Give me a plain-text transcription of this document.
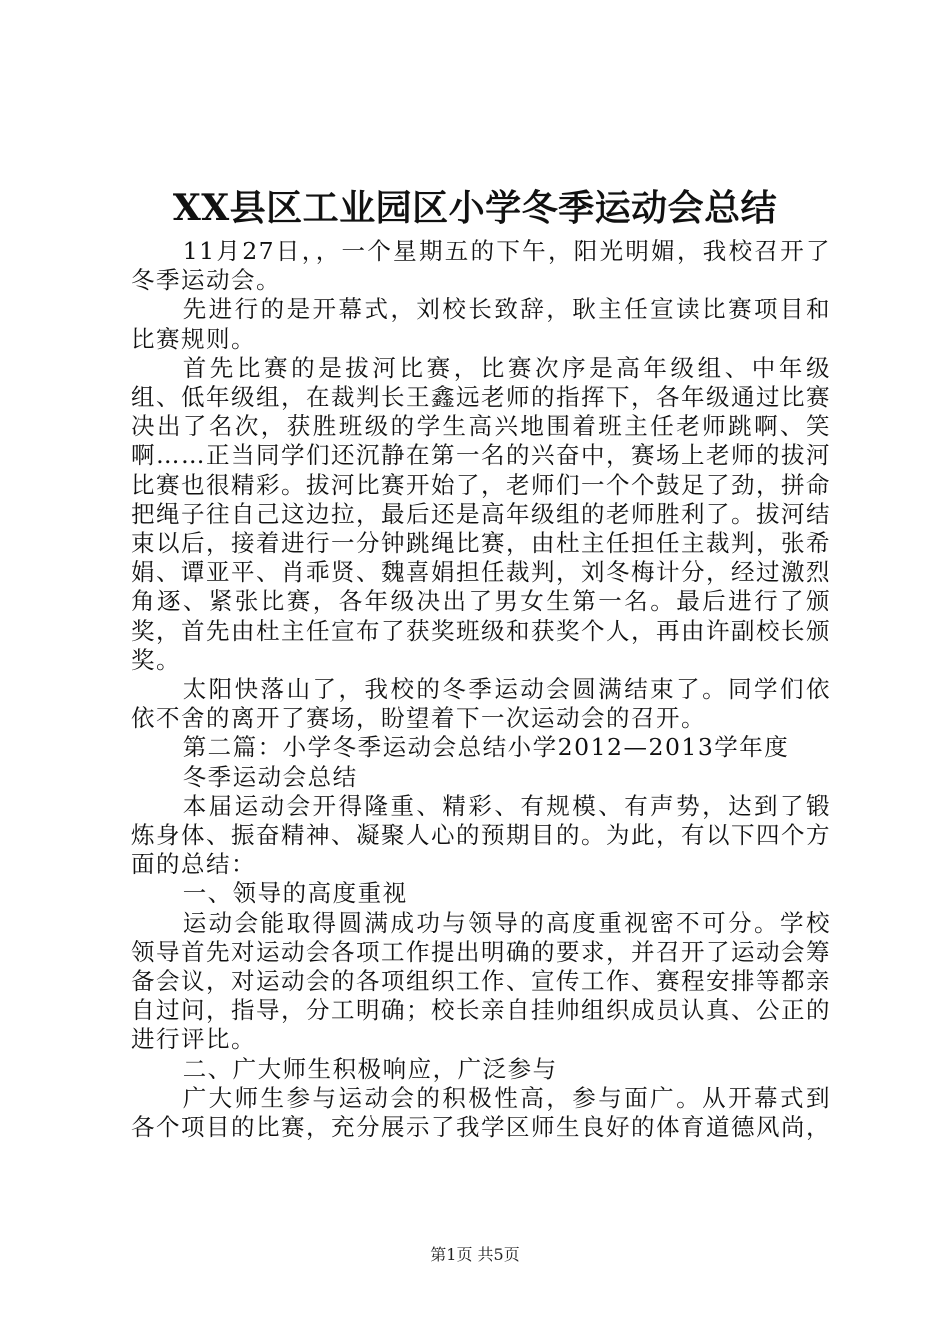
XX县区工业园区小学冬季运动会总结

11月27日，，一个星期五的下午，阳光明媚，我校召开了冬季运动会。

先进行的是开幕式，刘校长致辞，耿主任宣读比赛项目和比赛规则。

首先比赛的是拔河比赛，比赛次序是高年级组、中年级组、低年级组，在裁判长王鑫远老师的指挥下，各年级通过比赛决出了名次，获胜班级的学生高兴地围着班主任老师跳啊、笑啊……正当同学们还沉静在第一名的兴奋中，赛场上老师的拔河比赛也很精彩。拔河比赛开始了，老师们一个个鼓足了劲，拼命把绳子往自己这边拉，最后还是高年级组的老师胜利了。拔河结束以后，接着进行一分钟跳绳比赛，由杜主任担任主裁判，张希娟、谭亚平、肖乖贤、魏喜娟担任裁判，刘冬梅计分，经过激烈角逐、紧张比赛，各年级决出了男女生第一名。最后进行了颁奖，首先由杜主任宣布了获奖班级和获奖个人，再由许副校长颁奖。

太阳快落山了，我校的冬季运动会圆满结束了。同学们依依不舍的离开了赛场，盼望着下一次运动会的召开。

第二篇：小学冬季运动会总结小学2012—2013学年度

冬季运动会总结

本届运动会开得隆重、精彩、有规模、有声势，达到了锻炼身体、振奋精神、凝聚人心的预期目的。为此，有以下四个方面的总结：

一、领导的高度重视

运动会能取得圆满成功与领导的高度重视密不可分。学校领导首先对运动会各项工作提出明确的要求，并召开了运动会筹备会议，对运动会的各项组织工作、宣传工作、赛程安排等都亲自过问，指导，分工明确；校长亲自挂帅组织成员认真、公正的进行评比。

二、广大师生积极响应，广泛参与

广大师生参与运动会的积极性高，参与面广。从开幕式到各个项目的比赛，充分展示了我学区师生良好的体育道德风尚，

第1页 共5页
